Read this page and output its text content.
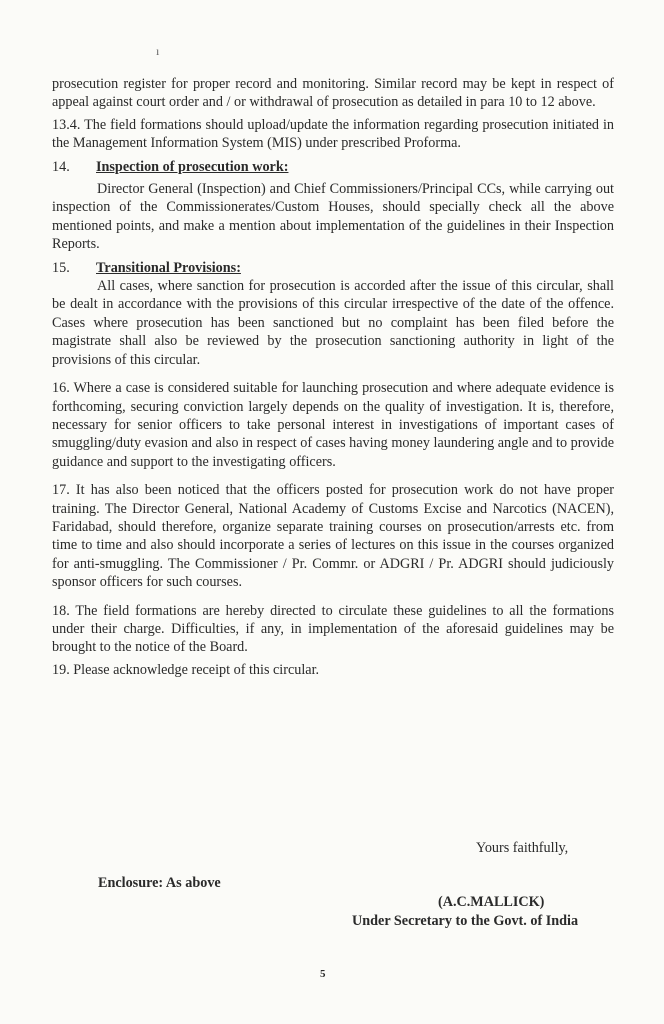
ı

prosecution register for proper record and monitoring. Similar record may be kept in respect of appeal against court order and / or withdrawal of prosecution as detailed in para 10 to 12 above.

13.4. The field formations should upload/update the information regarding prosecution initiated in the Management Information System (MIS) under prescribed Proforma.

14. Inspection of prosecution work:

Director General (Inspection) and Chief Commissioners/Principal CCs, while carrying out inspection of the Commissionerates/Custom Houses, should specially check all the above mentioned points, and make a mention about implementation of the guidelines in their Inspection Reports.

15. Transitional Provisions:

All cases, where sanction for prosecution is accorded after the issue of this circular, shall be dealt in accordance with the provisions of this circular irrespective of the date of the offence. Cases where prosecution has been sanctioned but no complaint has been filed before the magistrate shall also be reviewed by the prosecution sanctioning authority in light of the provisions of this circular.

16. Where a case is considered suitable for launching prosecution and where adequate evidence is forthcoming, securing conviction largely depends on the quality of investigation. It is, therefore, necessary for senior officers to take personal interest in investigations of important cases of smuggling/duty evasion and also in respect of cases having money laundering angle and to provide guidance and support to the investigating officers.

17. It has also been noticed that the officers posted for prosecution work do not have proper training. The Director General, National Academy of Customs Excise and Narcotics (NACEN), Faridabad, should therefore, organize separate training courses on prosecution/arrests etc. from time to time and also should incorporate a series of lectures on this issue in the courses organized for anti-smuggling. The Commissioner / Pr. Commr. or ADGRI / Pr. ADGRI should judiciously sponsor officers for such courses.

18. The field formations are hereby directed to circulate these guidelines to all the formations under their charge. Difficulties, if any, in implementation of the aforesaid guidelines may be brought to the notice of the Board.

19. Please acknowledge receipt of this circular.

Yours faithfully,
Enclosure: As above
(A.C.MALLICK)
Under Secretary to the Govt. of India
5
